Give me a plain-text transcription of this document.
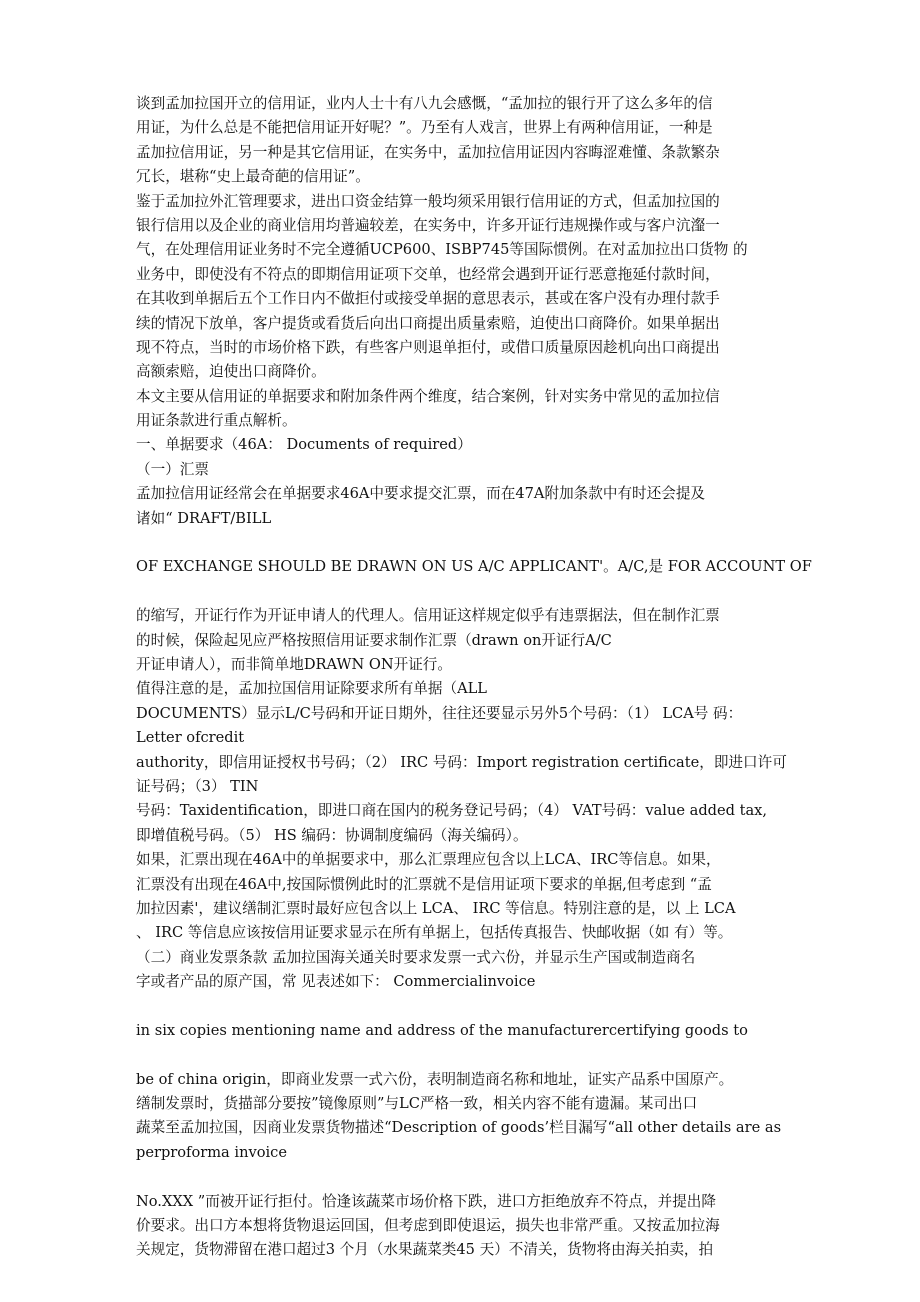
谈到孟加拉国开立的信用证，业内人士十有八九会感慨，“孟加拉的银行开了这么多年的信
用证，为什么总是不能把信用证开好呢？”。乃至有人戏言，世界上有两种信用证，一种是
孟加拉信用证，另一种是其它信用证，在实务中，孟加拉信用证因内容晦涩难懂、条款繁杂
冗长，堪称“史上最奇葩的信用证”。
鉴于孟加拉外汇管理要求，进出口资金结算一般均须采用银行信用证的方式，但孟加拉国的
银行信用以及企业的商业信用均普遍较差，在实务中，许多开证行违规操作或与客户沆瀣一
气，在处理信用证业务时不完全遵循UCP600、ISBP745等国际惯例。在对孟加拉出口货物 的
业务中，即使没有不符点的即期信用证项下交单，也经常会遇到开证行恶意拖延付款时间，
在其收到单据后五个工作日内不做拒付或接受单据的意思表示，甚或在客户没有办理付款手
续的情况下放单，客户提货或看货后向出口商提出质量索赔，迫使出口商降价。如果单据出
现不符点，当时的市场价格下跌，有些客户则退单拒付，或借口质量原因趁机向出口商提出
高额索赔，迫使出口商降价。
本文主要从信用证的单据要求和附加条件两个维度，结合案例，针对实务中常见的孟加拉信
用证条款进行重点解析。
一、单据要求（46A： Documents of required）
（一）汇票
孟加拉信用证经常会在单据要求46A中要求提交汇票，而在47A附加条款中有时还会提及
诸如“ DRAFT/BILL
OF EXCHANGE SHOULD BE DRAWN ON US A/C APPLICANT'。A/C,是 FOR ACCOUNT OF
的缩写，开证行作为开证申请人的代理人。信用证这样规定似乎有违票据法，但在制作汇票
的时候，保险起见应严格按照信用证要求制作汇票（drawn on开证行A/C
开证申请人），而非简单地DRAWN ON开证行。
值得注意的是，孟加拉国信用证除要求所有单据（ALL
DOCUMENTS）显示L/C号码和开证日期外，往往还要显示另外5个号码：（1） LCA号 码：
Letter ofcredit
authority，即信用证授权书号码；（2） IRC 号码：Import registration certificate，即进口许可
证号码；（3） TIN
号码：Taxidentification，即进口商在国内的税务登记号码；（4） VAT号码：value added tax,
即增值税号码。（5） HS 编码：协调制度编码（海关编码）。
如果，汇票出现在46A中的单据要求中，那么汇票理应包含以上LCA、IRC等信息。如果，
汇票没有出现在46A中,按国际惯例此时的汇票就不是信用证项下要求的单据,但考虑到 “孟
加拉因素'，建议缮制汇票时最好应包含以上 LCA、 IRC 等信息。特别注意的是，以 上 LCA
、 IRC 等信息应该按信用证要求显示在所有单据上，包括传真报告、快邮收据（如 有）等。
（二）商业发票条款 孟加拉国海关通关时要求发票一式六份，并显示生产国或制造商名
字或者产品的原产国，常 见表述如下： Commercialinvoice
in six copies mentioning name and address of the manufacturercertifying goods to
be of china origin，即商业发票一式六份，表明制造商名称和地址，证实产品系中国原产。
缮制发票时，货描部分要按”镜像原则”与LC严格一致，相关内容不能有遗漏。某司出口
蔬菜至孟加拉国，因商业发票货物描述“Description of goods’栏目漏写“all other details are as
perproforma invoice
No.XXX ”而被开证行拒付。恰逢该蔬菜市场价格下跌，进口方拒绝放弃不符点，并提出降
价要求。出口方本想将货物退运回国，但考虑到即使退运，损失也非常严重。又按孟加拉海
关规定，货物滞留在港口超过3 个月（水果蔬菜类45 天）不清关，货物将由海关拍卖，拍
